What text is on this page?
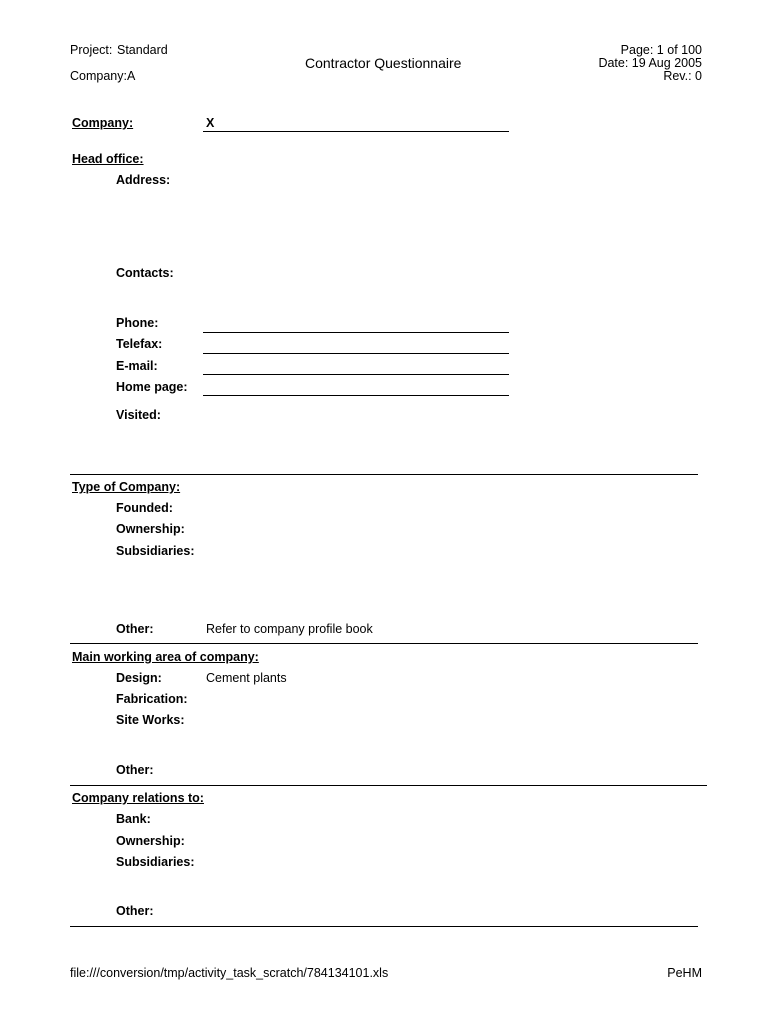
Project: Standard
Company: A
Contractor Questionnaire
Page: 1 of 100
Date: 19 Aug 2005
Rev.: 0
Company:	X
Head office:
Address:
Contacts:
Phone:
Telefax:
E-mail:
Home page:
Visited:
Type of Company:
Founded:
Ownership:
Subsidiaries:
Other:	Refer to company profile book
Main working area of company:
Design:	Cement plants
Fabrication:
Site Works:
Other:
Company relations to:
Bank:
Ownership:
Subsidiaries:
Other:
file:///conversion/tmp/activity_task_scratch/784134101.xls	PeHM
